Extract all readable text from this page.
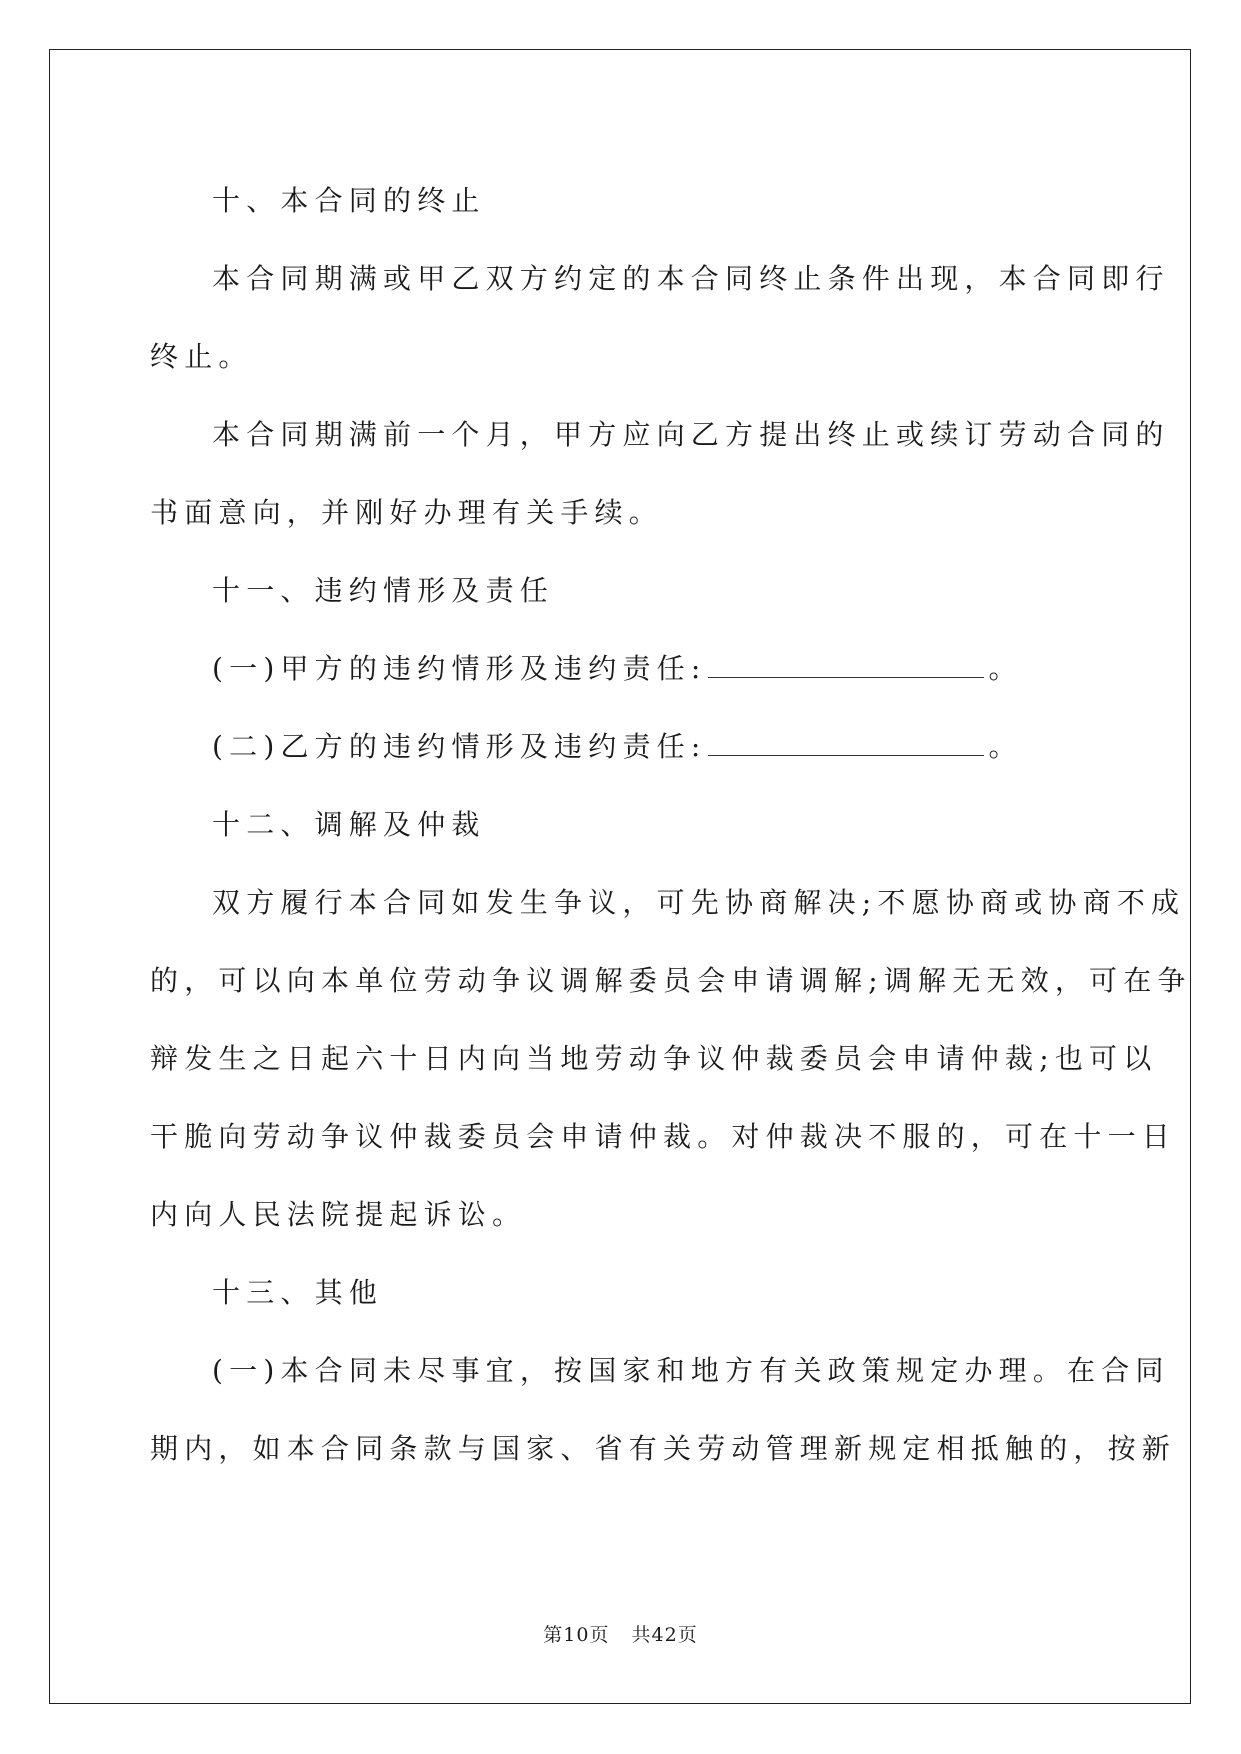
十、本合同的终止

本合同期满或甲乙双方约定的本合同终止条件出现，本合同即行
终止。

本合同期满前一个月，甲方应向乙方提出终止或续订劳动合同的
书面意向，并刚好办理有关手续。

十一、违约情形及责任

(一)甲方的违约情形及违约责任:	。

(二)乙方的违约情形及违约责任:	。

十二、调解及仲裁

双方履行本合同如发生争议，可先协商解决;不愿协商或协商不成
的，可以向本单位劳动争议调解委员会申请调解;调解无无效，可在争
辩发生之日起六十日内向当地劳动争议仲裁委员会申请仲裁;也可以
干脆向劳动争议仲裁委员会申请仲裁。对仲裁决不服的，可在十一日
内向人民法院提起诉讼。

十三、其他

(一)本合同未尽事宜，按国家和地方有关政策规定办理。在合同
期内，如本合同条款与国家、省有关劳动管理新规定相抵触的，按新

第10页 共42页
